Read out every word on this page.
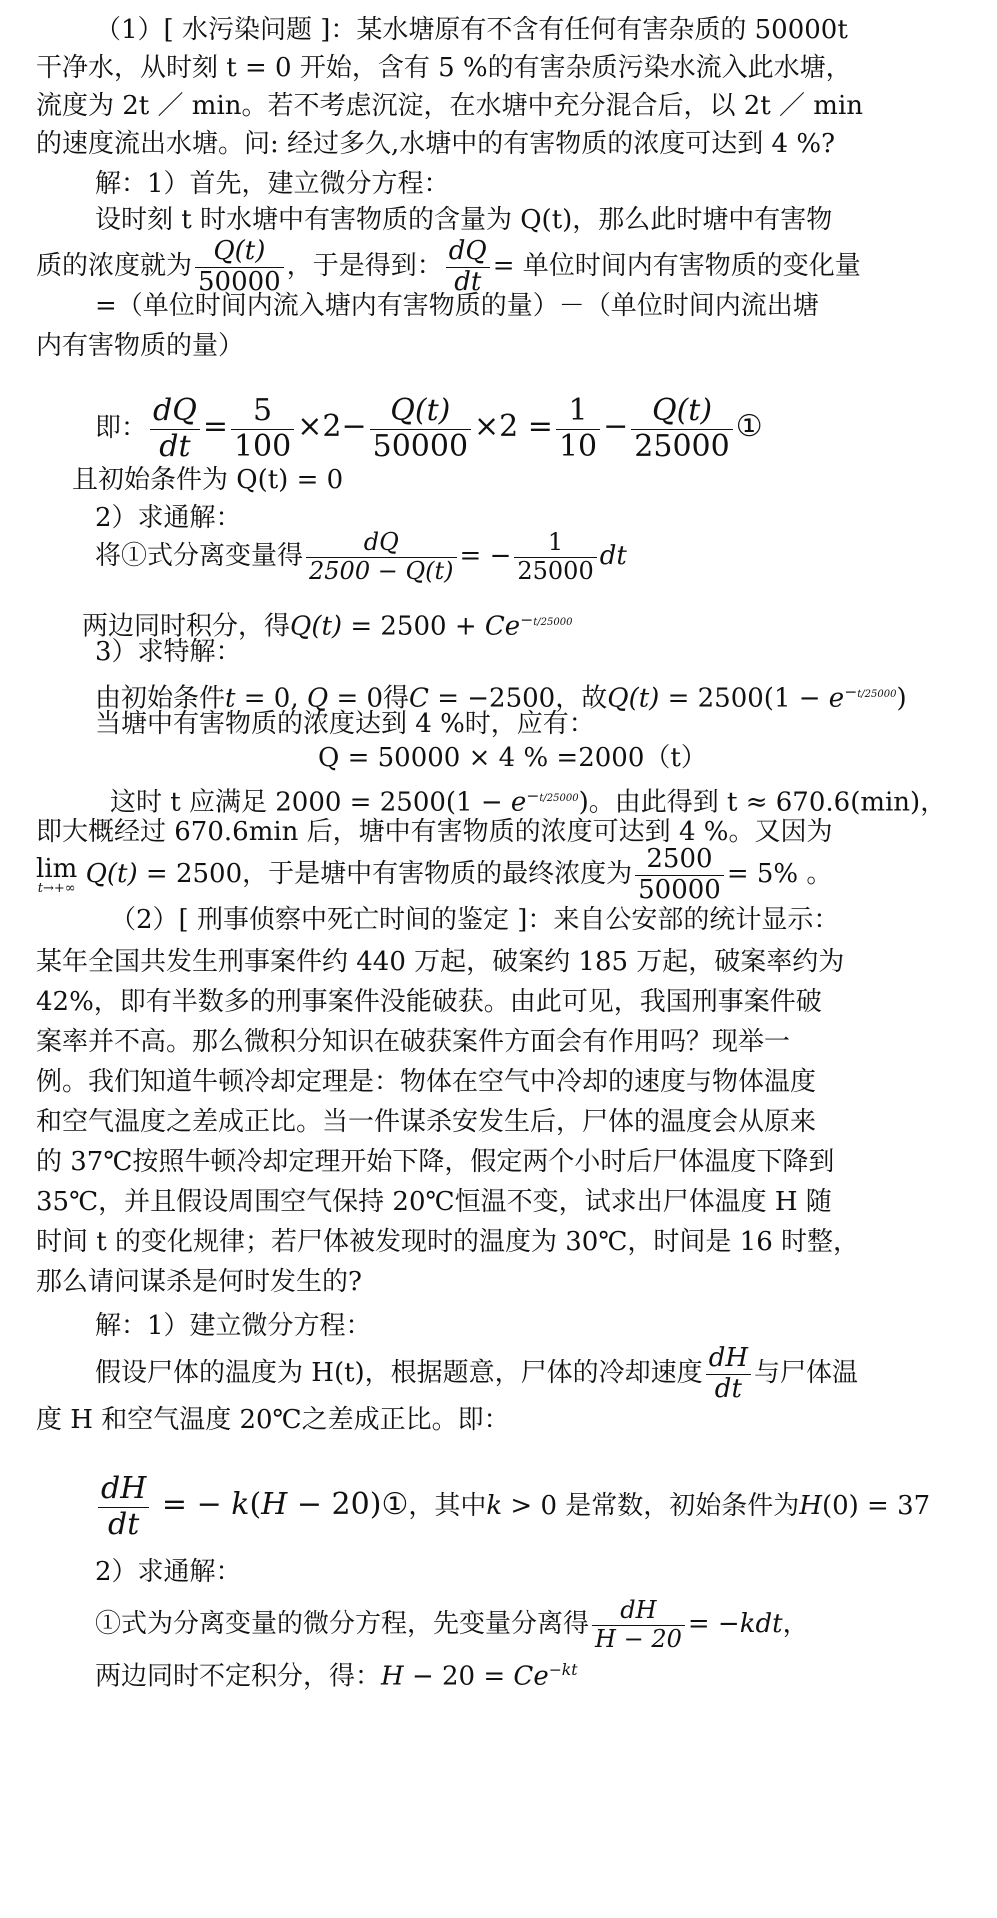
（1）[ 水污染问题 ]：某水塘原有不含有任何有害杂质的 50000t
干净水，从时刻 t = 0 开始，含有 5 %的有害杂质污染水流入此水塘，
流度为 2t ／ min。若不考虑沉淀，在水塘中充分混合后，以 2t ／ min
的速度流出水塘。问: 经过多久,水塘中的有害物质的浓度可达到 4 %?
解：1）首先，建立微分方程：
设时刻 t 时水塘中有害物质的含量为 Q(t)，那么此时塘中有害物
质的浓度就为 $\frac{Q(t)}{50000}$ ，于是得到： $\frac{dQ}{dt}$ = 单位时间内有害物质的变化量
=（单位时间内流入塘内有害物质的量）－（单位时间内流出塘
内有害物质的量）
即： $\frac{dQ}{dt} = \frac{5}{100} \times 2- \frac{Q(t)}{50000} \times 2 = \frac{1}{10} - \frac{Q(t)}{25000}$ ①
且初始条件为 Q(t) = 0
2）求通解：
将①式分离变量得 $\frac{dQ}{2500 - Q(t)}$ = − $\frac{1}{25000}$ dt
两边同时积分，得$Q(t) = 2500 + Ce^{-t/25000}$
3）求特解：
由初始条件t = 0, Q = 0得C = −2500，故$Q(t) = 2500(1 - e^{-t/25000})$
当塘中有害物质的浓度达到 4 %时，应有：
Q = 50000 × 4 % =2000（t）
这时 t 应满足 $2000 = 2500(1 - e^{-t/25000})$。由此得到 t ≈ 670.6(min)，
即大概经过 670.6min 后，塘中有害物质的浓度可达到 4 %。又因为
lim
t→+∞ Q(t) = 2500，于是塘中有害物质的最终浓度为 $\frac{2500}{50000} = 5\%$ 。
（2）[ 刑事侦察中死亡时间的鉴定 ]：来自公安部的统计显示：
某年全国共发生刑事案件约 440 万起，破案约 185 万起，破案率约为
42%，即有半数多的刑事案件没能破获。由此可见，我国刑事案件破
案率并不高。那么微积分知识在破获案件方面会有作用吗？现举一
例。我们知道牛顿冷却定理是：物体在空气中冷却的速度与物体温度
和空气温度之差成正比。当一件谋杀安发生后，尸体的温度会从原来
的 37℃按照牛顿冷却定理开始下降，假定两个小时后尸体温度下降到
35℃，并且假设周围空气保持 20℃恒温不变，试求出尸体温度 H 随
时间 t 的变化规律；若尸体被发现时的温度为 30℃，时间是 16 时整，
那么请问谋杀是何时发生的?
解：1）建立微分方程：
假设尸体的温度为 H(t)，根据题意，尸体的冷却速度 $\frac{dH}{dt}$ 与尸体温
度 H 和空气温度 20℃之差成正比。即：
$\frac{dH}{dt}$ = − k(H − 20)①，其中k > 0 是常数，初始条件为H(0) = 37
2）求通解：
①式为分离变量的微分方程，先变量分离得 $\frac{dH}{H - 20} = -kdt$，
两边同时不定积分，得：$H - 20 = Ce^{-kt}$
